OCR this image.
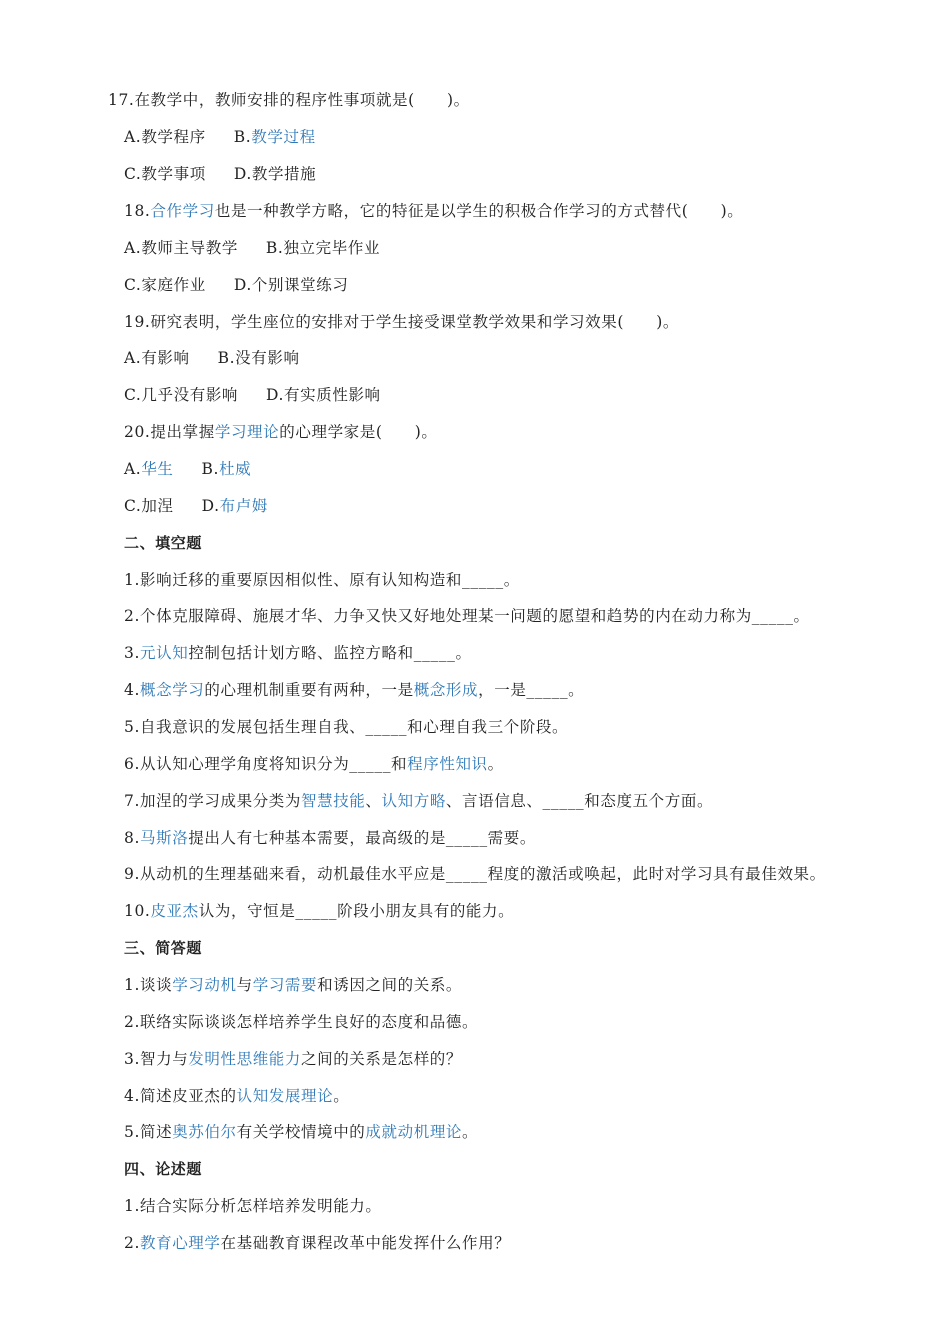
17.在教学中，教师安排的程序性事项就是(　　)。
A.教学程序 B.教学过程
C.教学事项 D.教学措施
18.合作学习也是一种教学方略，它的特征是以学生的积极合作学习的方式替代(　　)。
A.教师主导教学 B.独立完毕作业
C.家庭作业 D.个别课堂练习
19.研究表明，学生座位的安排对于学生接受课堂教学效果和学习效果(　　)。
A.有影响 B.没有影响
C.几乎没有影响 D.有实质性影响
20.提出掌握学习理论的心理学家是(　　)。
A.华生 B.杜威
C.加涅 D.布卢姆
二、填空题
1.影响迁移的重要原因相似性、原有认知构造和_____。
2.个体克服障碍、施展才华、力争又快又好地处理某一问题的愿望和趋势的内在动力称为_____。
3.元认知控制包括计划方略、监控方略和_____。
4.概念学习的心理机制重要有两种，一是概念形成，一是_____。
5.自我意识的发展包括生理自我、_____和心理自我三个阶段。
6.从认知心理学角度将知识分为_____和程序性知识。
7.加涅的学习成果分类为智慧技能、认知方略、言语信息、_____和态度五个方面。
8.马斯洛提出人有七种基本需要，最高级的是_____需要。
9.从动机的生理基础来看，动机最佳水平应是_____程度的激活或唤起，此时对学习具有最佳效果。
10.皮亚杰认为，守恒是_____阶段小朋友具有的能力。
三、简答题
1.谈谈学习动机与学习需要和诱因之间的关系。
2.联络实际谈谈怎样培养学生良好的态度和品德。
3.智力与发明性思维能力之间的关系是怎样的？
4.简述皮亚杰的认知发展理论。
5.简述奥苏伯尔有关学校情境中的成就动机理论。
四、论述题
1.结合实际分析怎样培养发明能力。
2.教育心理学在基础教育课程改革中能发挥什么作用？
